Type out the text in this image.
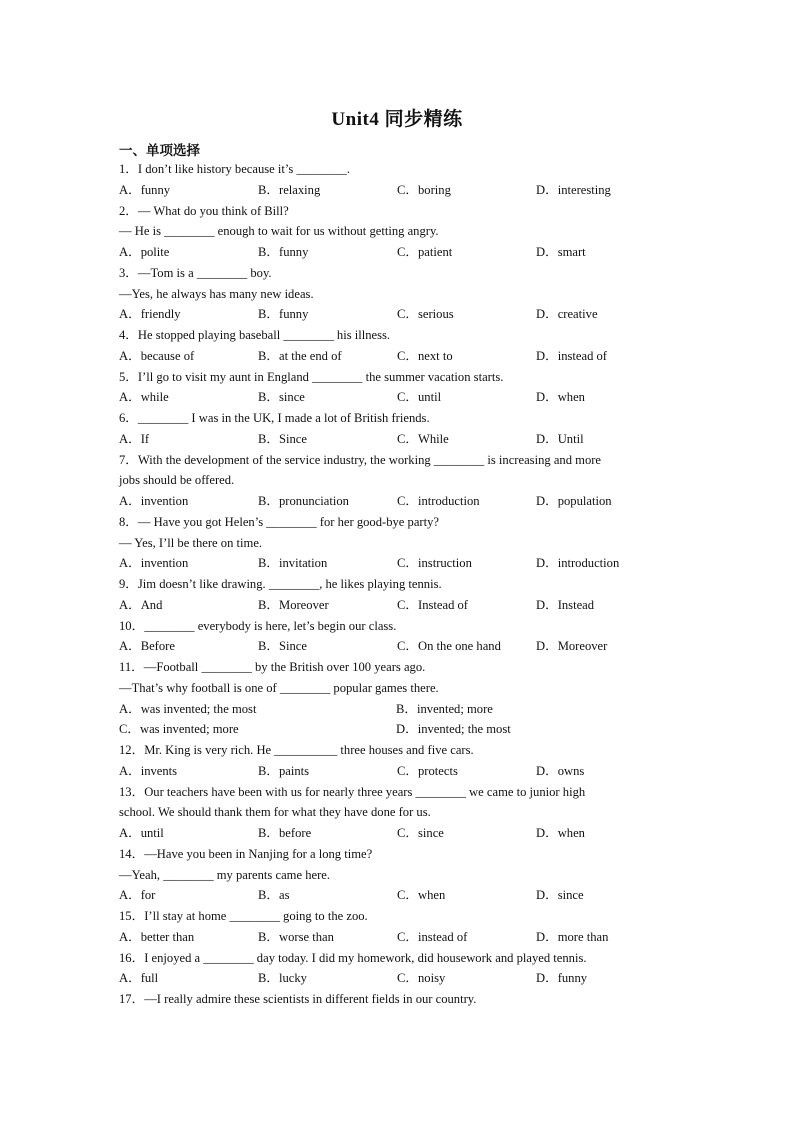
Unit4 同步精练
一、单项选择
1．I don’t like history because it’s ________.
A．funny	B．relaxing	C．boring	D．interesting
2．— What do you think of Bill?
— He is ________ enough to wait for us without getting angry.
A．polite	B．funny	C．patient	D．smart
3．—Tom is a ________ boy.
—Yes, he always has many new ideas.
A．friendly	B．funny	C．serious	D．creative
4．He stopped playing baseball ________ his illness.
A．because of	B．at the end of	C．next to	D．instead of
5．I’ll go to visit my aunt in England ________ the summer vacation starts.
A．while	B．since	C．until	D．when
6．________ I was in the UK, I made a lot of British friends.
A．If	B．Since	C．While	D．Until
7．With the development of the service industry, the working ________ is increasing and more
jobs should be offered.
A．invention	B．pronunciation	C．introduction	D．population
8．— Have you got Helen’s ________ for her good-bye party?
— Yes, I’ll be there on time.
A．invention	B．invitation	C．instruction	D．introduction
9．Jim doesn’t like drawing. ________, he likes playing tennis.
A．And	B．Moreover	C．Instead of	D．Instead
10．________ everybody is here, let’s begin our class.
A．Before	B．Since	C．On the one hand	D．Moreover
11．—Football ________ by the British over 100 years ago.
—That’s why football is one of ________ popular games there.
A．was invented; the most	B．invented; more
C．was invented; more	D．invented; the most
12．Mr. King is very rich. He __________ three houses and five cars.
A．invents	B．paints	C．protects	D．owns
13．Our teachers have been with us for nearly three years ________ we came to junior high
school. We should thank them for what they have done for us.
A．until	B．before	C．since	D．when
14．—Have you been in Nanjing for a long time?
—Yeah, ________ my parents came here.
A．for	B．as	C．when	D．since
15．I’ll stay at home ________ going to the zoo.
A．better than	B．worse than	C．instead of	D．more than
16．I enjoyed a ________ day today. I did my homework, did housework and played tennis.
A．full	B．lucky	C．noisy	D．funny
17．—I really admire these scientists in different fields in our country.
